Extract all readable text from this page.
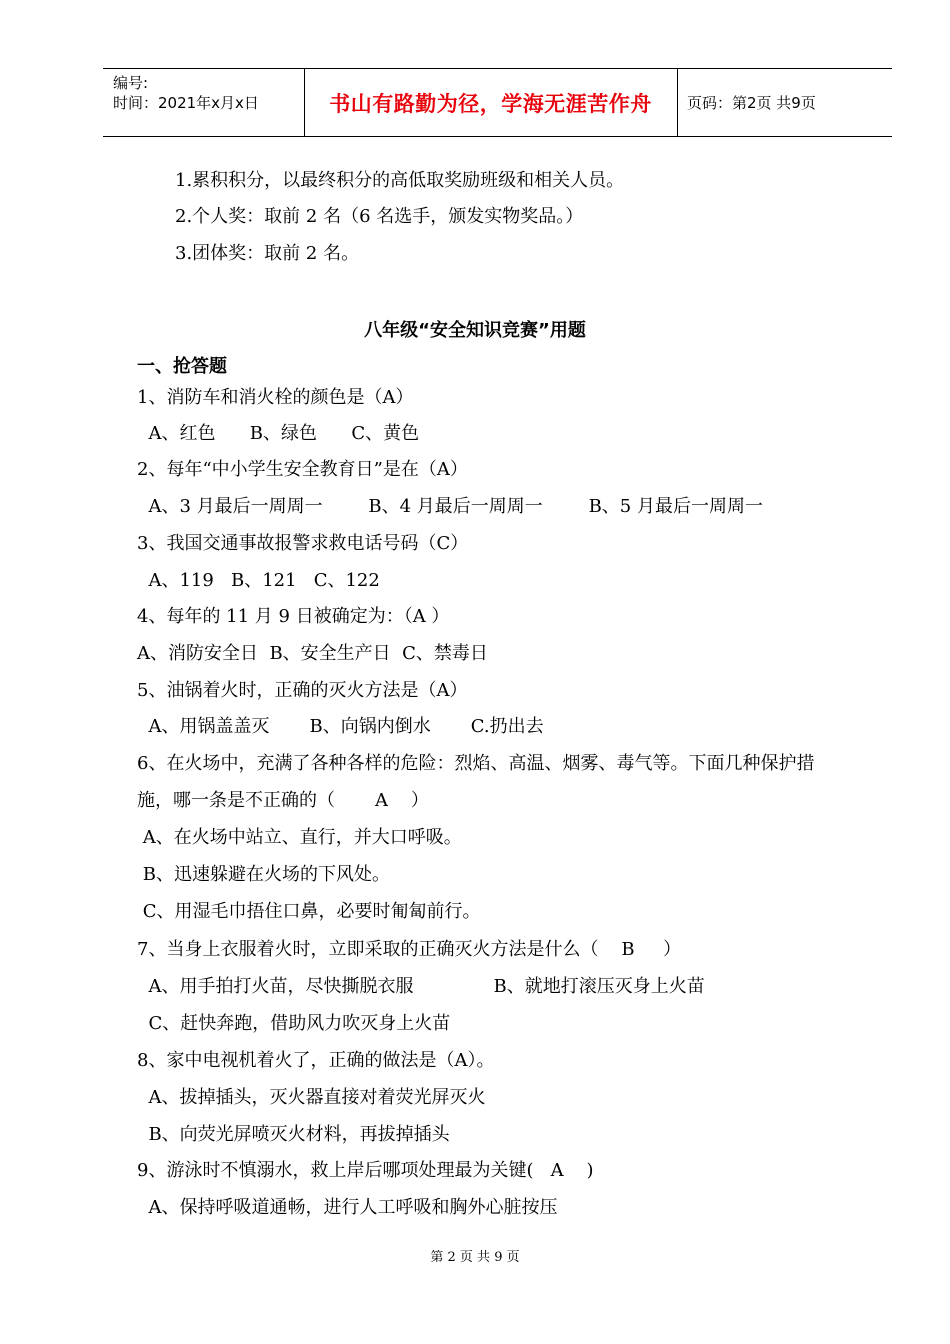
编号:
时间：2021年x月x日	书山有路勤为径，学海无涯苦作舟	页码：第2页 共9页
1.累积积分，以最终积分的高低取奖励班级和相关人员。
2.个人奖：取前 2 名（6 名选手，颁发实物奖品。）
3.团体奖：取前 2 名。
八年级“安全知识竞赛”用题
一、抢答题
1、消防车和消火栓的颜色是（A）
A、红色      B、绿色      C、黄色
2、每年“中小学生安全教育日”是在（A）
A、3 月最后一周周一        B、4 月最后一周周一        B、5 月最后一周周一
3、我国交通事故报警求救电话号码（C）
A、119   B、121   C、122
4、每年的 11 月 9 日被确定为：（A ）
A、消防安全日  B、安全生产日  C、禁毒日
5、油锅着火时，正确的灭火方法是（A）
A、用锅盖盖灭       B、向锅内倒水       C.扔出去
6、在火场中，充满了各种各样的危险：烈焰、高温、烟雾、毒气等。下面几种保护措
施，哪一条是不正确的（       A    ）
A、在火场中站立、直行，并大口呼吸。
B、迅速躲避在火场的下风处。
C、用湿毛巾捂住口鼻，必要时匍匐前行。
7、当身上衣服着火时，立即采取的正确灭火方法是什么（    B     ）
A、用手拍打火苗，尽快撕脱衣服              B、就地打滚压灭身上火苗
C、赶快奔跑，借助风力吹灭身上火苗
8、家中电视机着火了，正确的做法是（A）。
A、拔掉插头，灭火器直接对着荧光屏灭火
B、向荧光屏喷灭火材料，再拔掉插头
9、游泳时不慎溺水，救上岸后哪项处理最为关键(   A    )
A、保持呼吸道通畅，进行人工呼吸和胸外心脏按压
第 2 页 共 9 页
